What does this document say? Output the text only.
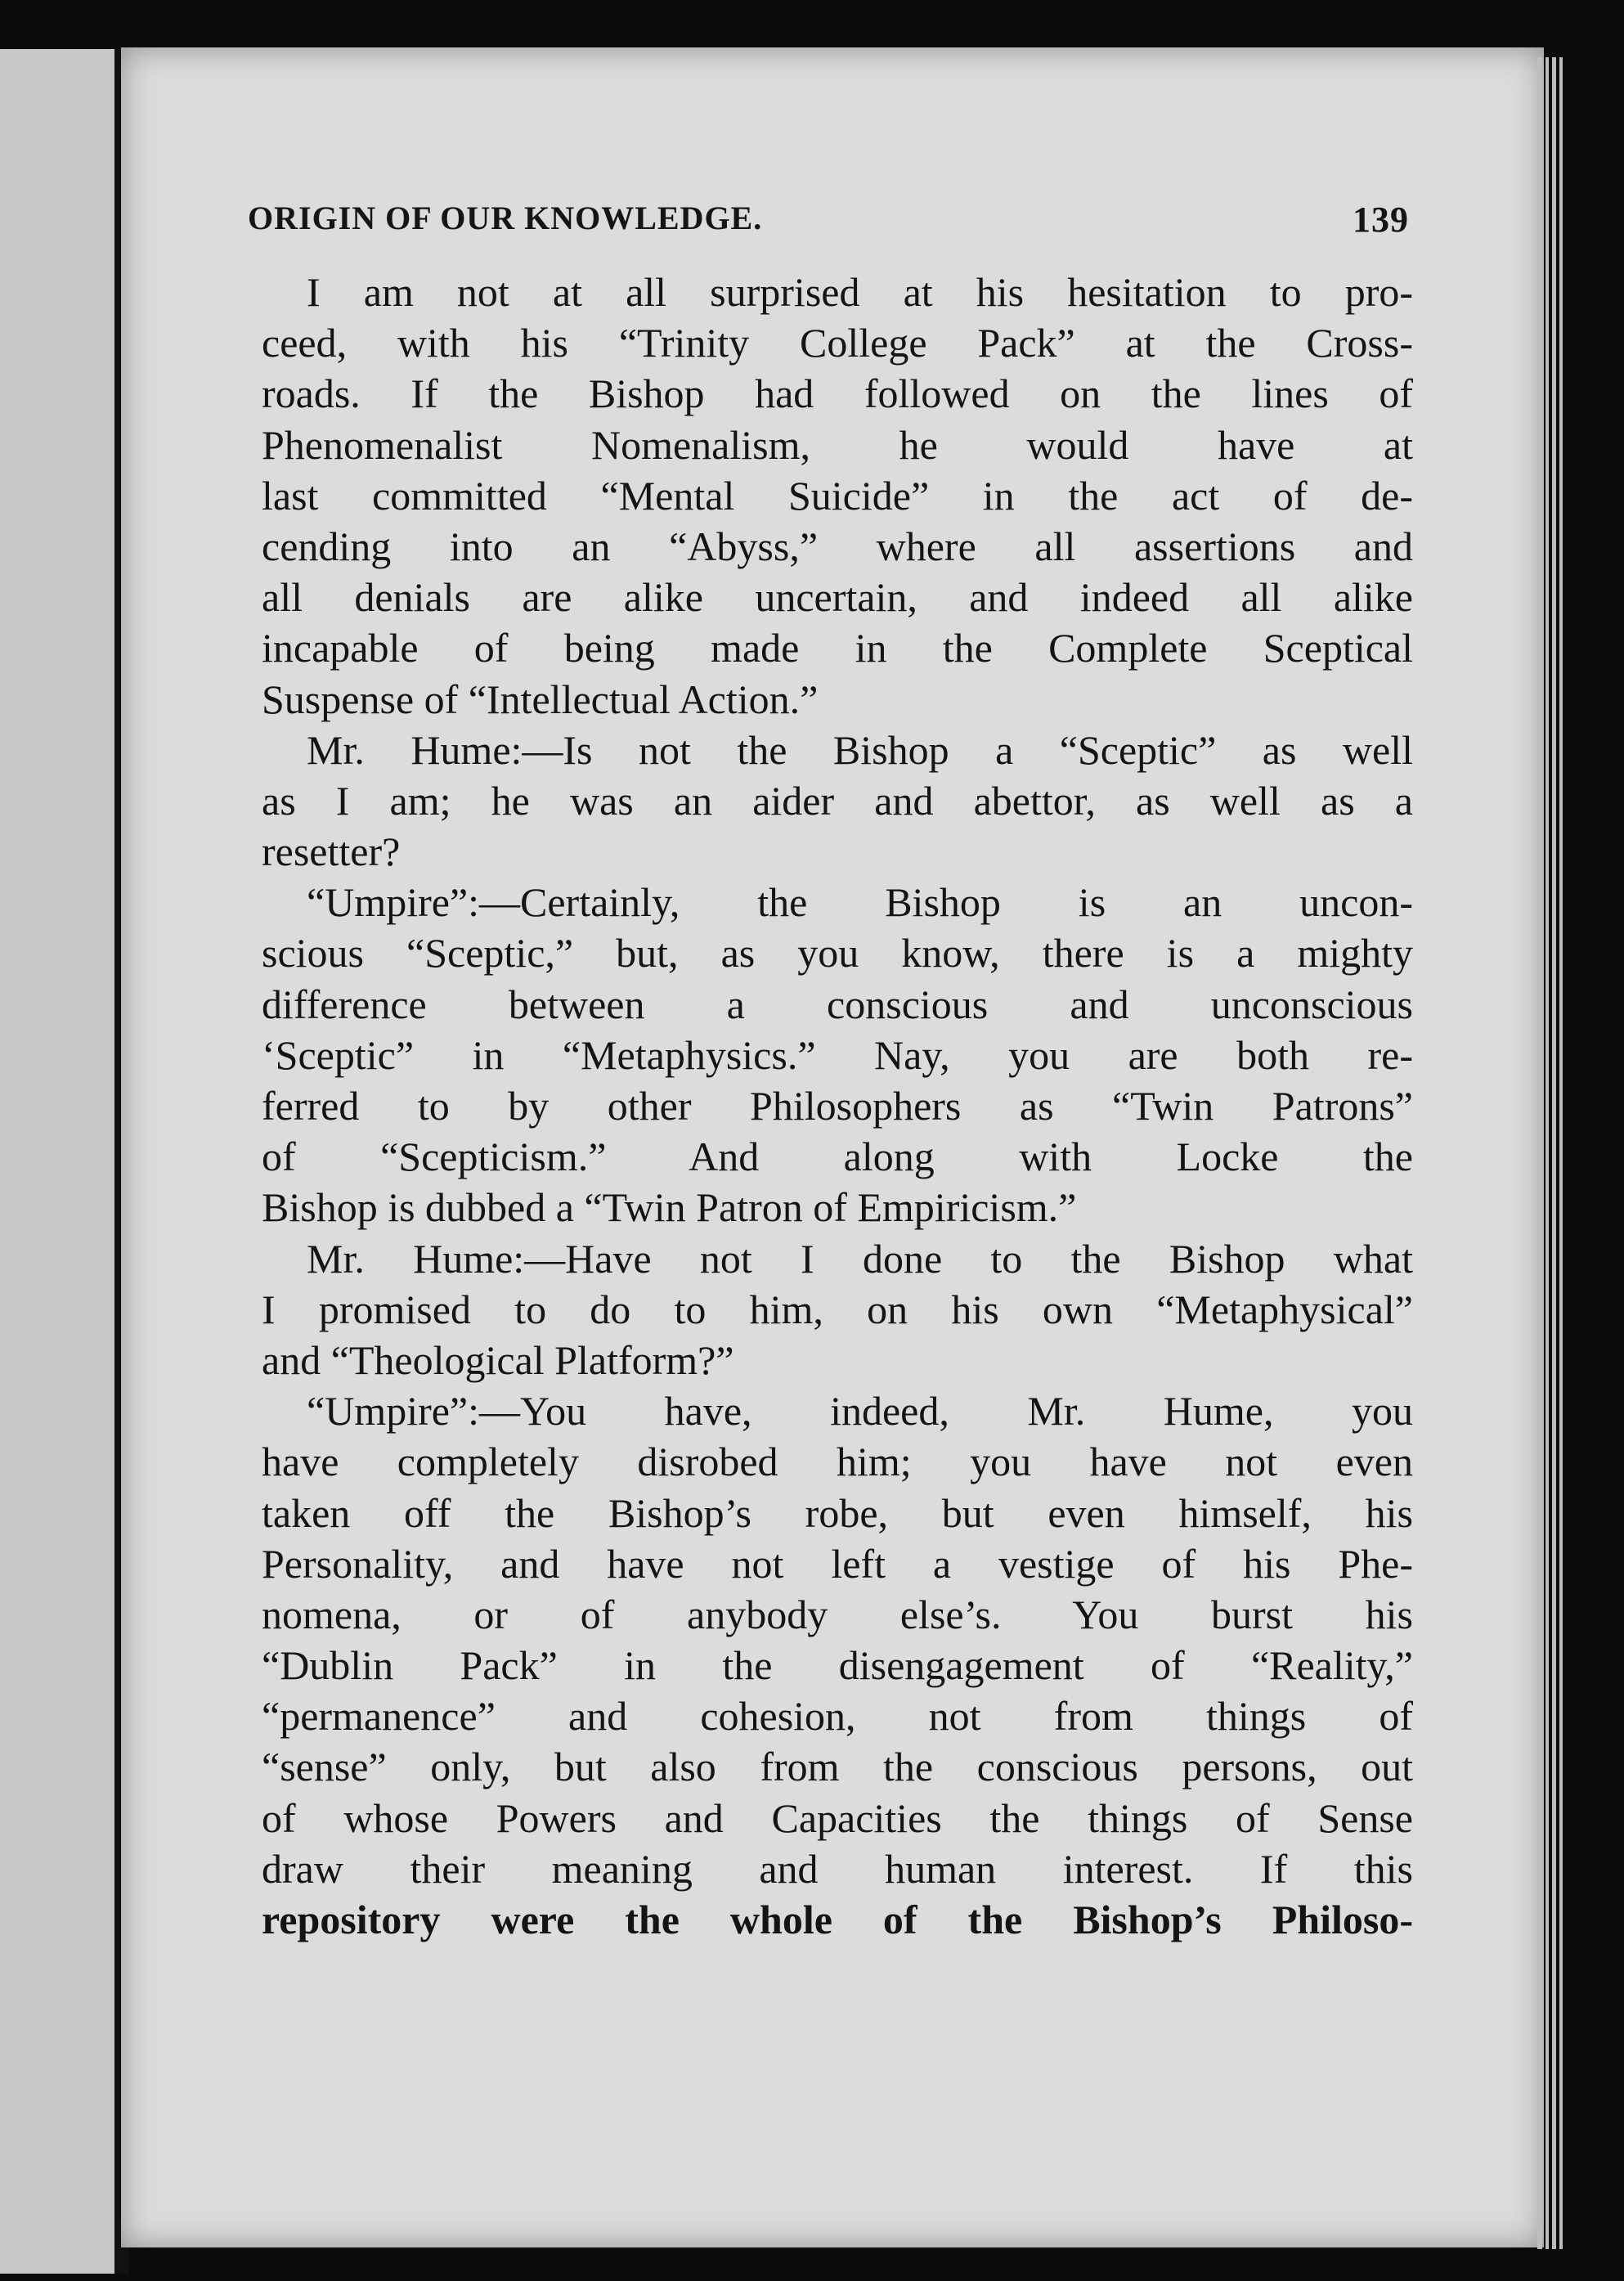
ORIGIN OF OUR KNOWLEDGE.	139
I am not at all surprised at his hesitation to pro-
ceed, with his “Trinity College Pack” at the Cross-
roads. If the Bishop had followed on the lines of
Phenomenalist Nomenalism, he would have at
last committed “Mental Suicide” in the act of de-
cending into an “Abyss,” where all assertions and
all denials are alike uncertain, and indeed all alike
incapable of being made in the Complete Sceptical
Suspense of “Intellectual Action.”
Mr. Hume:—Is not the Bishop a “Sceptic” as well
as I am; he was an aider and abettor, as well as a
resetter?
“Umpire”:—Certainly, the Bishop is an uncon-
scious “Sceptic,” but, as you know, there is a mighty
difference between a conscious and unconscious
‘Sceptic” in “Metaphysics.” Nay, you are both re-
ferred to by other Philosophers as “Twin Patrons”
of “Scepticism.” And along with Locke the
Bishop is dubbed a “Twin Patron of Empiricism.”
Mr. Hume:—Have not I done to the Bishop what
I promised to do to him, on his own “Metaphysical”
and “Theological Platform?”
“Umpire”:—You have, indeed, Mr. Hume, you
have completely disrobed him; you have not even
taken off the Bishop’s robe, but even himself, his
Personality, and have not left a vestige of his Phe-
nomena, or of anybody else’s. You burst his
“Dublin Pack” in the disengagement of “Reality,”
“permanence” and cohesion, not from things of
“sense” only, but also from the conscious persons, out
of whose Powers and Capacities the things of Sense
draw their meaning and human interest. If this
repository were the whole of the Bishop’s Philoso-
